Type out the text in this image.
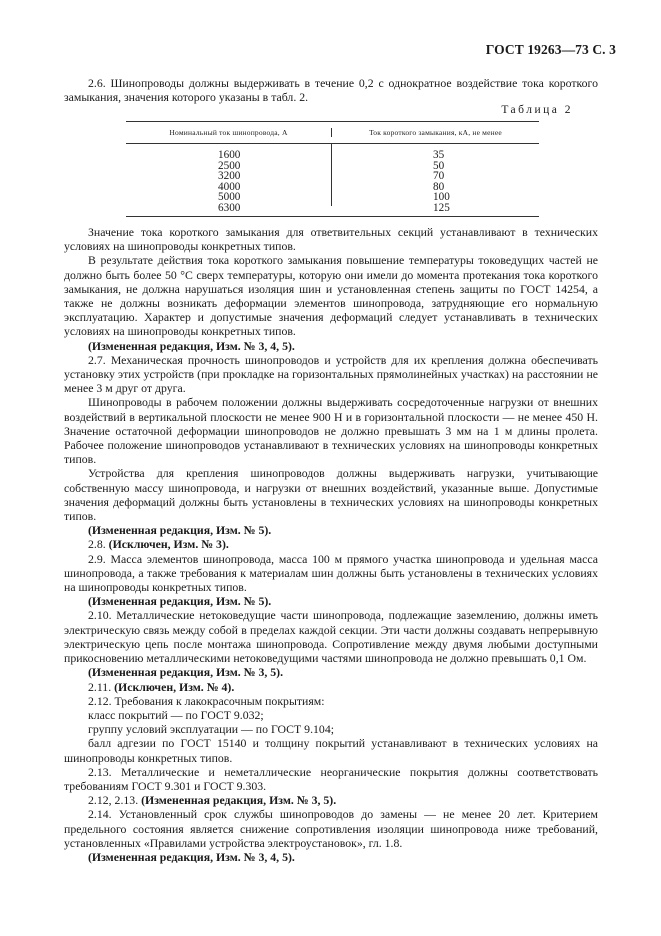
ГОСТ 19263—73 С. 3

2.6. Шинопроводы должны выдерживать в течение 0,2 с однократное воздействие тока короткого замыкания, значения которого указаны в табл. 2.

Таблица 2
Номинальный ток шинопровода, А	Ток короткого замыкания, кА, не менее
1600
2500
3200
4000
5000
6300
35
50
70
80
100
125

Значение тока короткого замыкания для ответвительных секций устанавливают в технических условиях на шинопроводы конкретных типов.

В результате действия тока короткого замыкания повышение температуры токоведущих частей не должно быть более 50 °С сверх температуры, которую они имели до момента протекания тока короткого замыкания, не должна нарушаться изоляция шин и установленная степень защиты по ГОСТ 14254, а также не должны возникать деформации элементов шинопровода, затрудняющие его нормальную эксплуатацию. Характер и допустимые значения деформаций следует устанавливать в технических условиях на шинопроводы конкретных типов.

(Измененная редакция, Изм. № 3, 4, 5).

2.7. Механическая прочность шинопроводов и устройств для их крепления должна обеспечивать установку этих устройств (при прокладке на горизонтальных прямолинейных участках) на расстоянии не менее 3 м друг от друга.

Шинопроводы в рабочем положении должны выдерживать сосредоточенные нагрузки от внешних воздействий в вертикальной плоскости не менее 900 Н и в горизонтальной плоскости — не менее 450 Н. Значение остаточной деформации шинопроводов не должно превышать 3 мм на 1 м длины пролета. Рабочее положение шинопроводов устанавливают в технических условиях на шинопроводы конкретных типов.

Устройства для крепления шинопроводов должны выдерживать нагрузки, учитывающие собственную массу шинопровода, и нагрузки от внешних воздействий, указанные выше. Допустимые значения деформаций должны быть установлены в технических условиях на шинопроводы конкретных типов.

(Измененная редакция, Изм. № 5).

2.8. (Исключен, Изм. № 3).

2.9. Масса элементов шинопровода, масса 100 м прямого участка шинопровода и удельная масса шинопровода, а также требования к материалам шин должны быть установлены в технических условиях на шинопроводы конкретных типов.

(Измененная редакция, Изм. № 5).

2.10. Металлические нетоковедущие части шинопровода, подлежащие заземлению, должны иметь электрическую связь между собой в пределах каждой секции. Эти части должны создавать непрерывную электрическую цепь после монтажа шинопровода. Сопротивление между двумя любыми доступными прикосновению металлическими нетоковедущими частями шинопровода не должно превышать 0,1 Ом.

(Измененная редакция, Изм. № 3, 5).

2.11. (Исключен, Изм. № 4).

2.12. Требования к лакокрасочным покрытиям:

класс покрытий — по ГОСТ 9.032;

группу условий эксплуатации — по ГОСТ 9.104;

балл адгезии по ГОСТ 15140 и толщину покрытий устанавливают в технических условиях на шинопроводы конкретных типов.

2.13. Металлические и неметаллические неорганические покрытия должны соответствовать требованиям ГОСТ 9.301 и ГОСТ 9.303.

2.12, 2.13. (Измененная редакция, Изм. № 3, 5).

2.14. Установленный срок службы шинопроводов до замены — не менее 20 лет. Критерием предельного состояния является снижение сопротивления изоляции шинопровода ниже требований, установленных «Правилами устройства электроустановок», гл. 1.8.

(Измененная редакция, Изм. № 3, 4, 5).
